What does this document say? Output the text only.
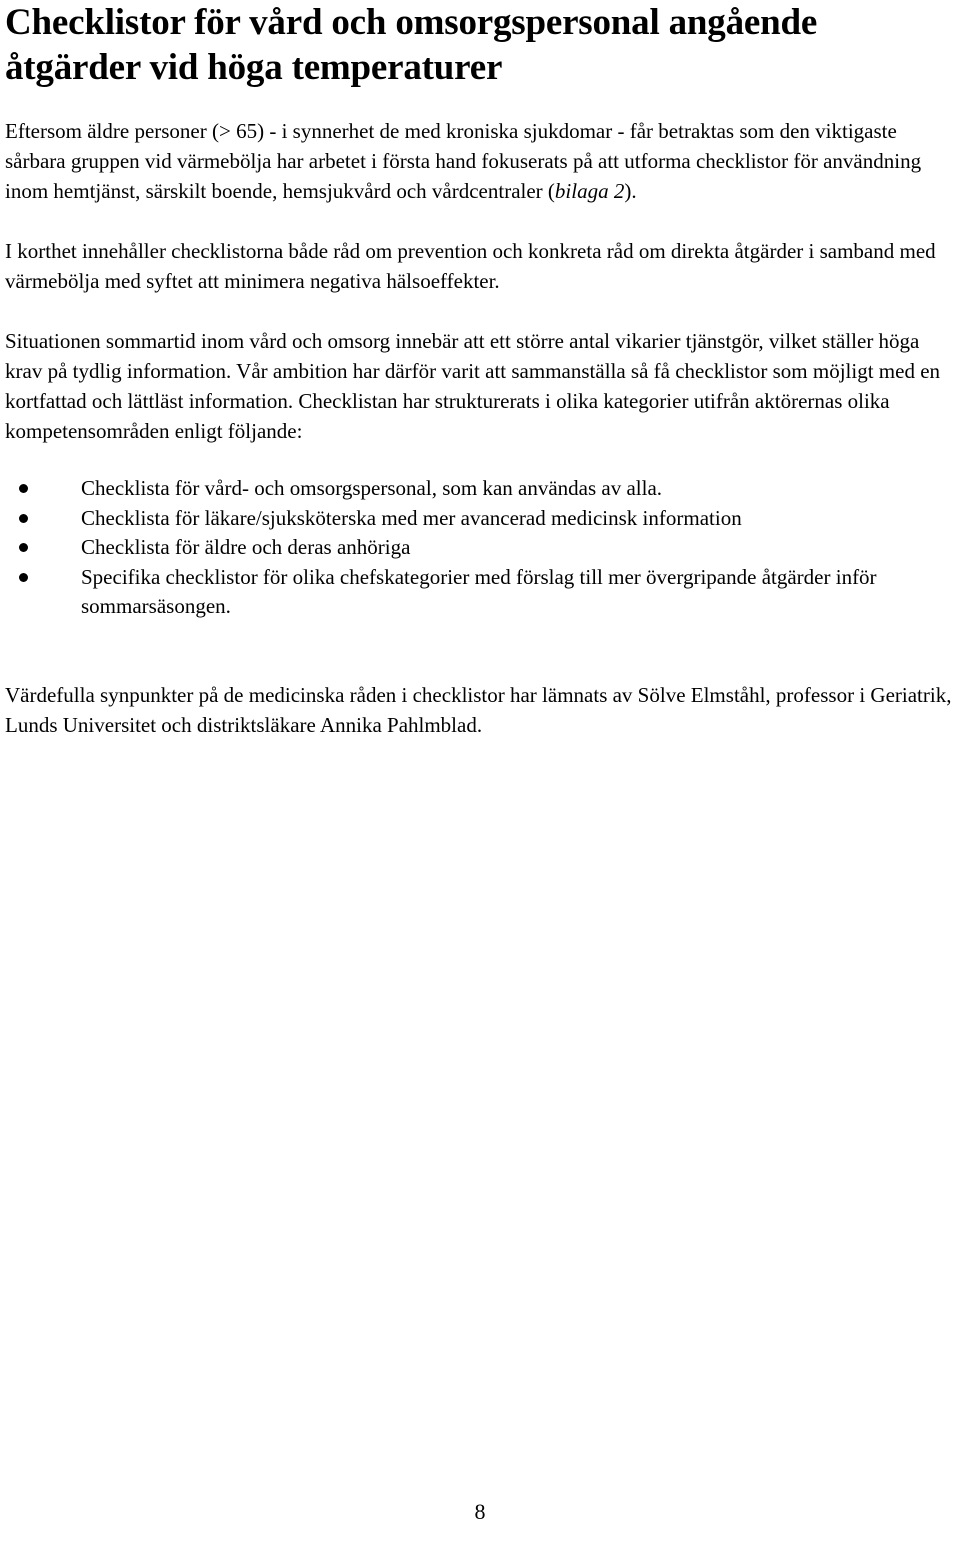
Checklistor för vård och omsorgspersonal angående åtgärder vid höga temperaturer

Eftersom äldre personer (> 65) - i synnerhet de med kroniska sjukdomar - får betraktas som den viktigaste sårbara gruppen vid värmebölja har arbetet i första hand fokuserats på att utforma checklistor för användning inom hemtjänst, särskilt boende, hemsjukvård och vårdcentraler (bilaga 2).

I korthet innehåller checklistorna både råd om prevention och konkreta råd om direkta åtgärder i samband med värmebölja med syftet att minimera negativa hälsoeffekter.

Situationen sommartid inom vård och omsorg innebär att ett större antal vikarier tjänstgör, vilket ställer höga krav på tydlig information. Vår ambition har därför varit att sammanställa så få checklistor som möjligt med en kortfattad och lättläst information. Checklistan har strukturerats i olika kategorier utifrån aktörernas olika kompetensområden enligt följande:

Checklista för vård- och omsorgspersonal, som kan användas av alla.
Checklista för läkare/sjuksköterska med mer avancerad medicinsk information
Checklista för äldre och deras anhöriga
Specifika checklistor för olika chefskategorier med förslag till mer övergripande åtgärder inför sommarsäsongen.

Värdefulla synpunkter på de medicinska råden i checklistor har lämnats av Sölve Elmståhl, professor i Geriatrik, Lunds Universitet och distriktsläkare Annika Pahlmblad.

8
